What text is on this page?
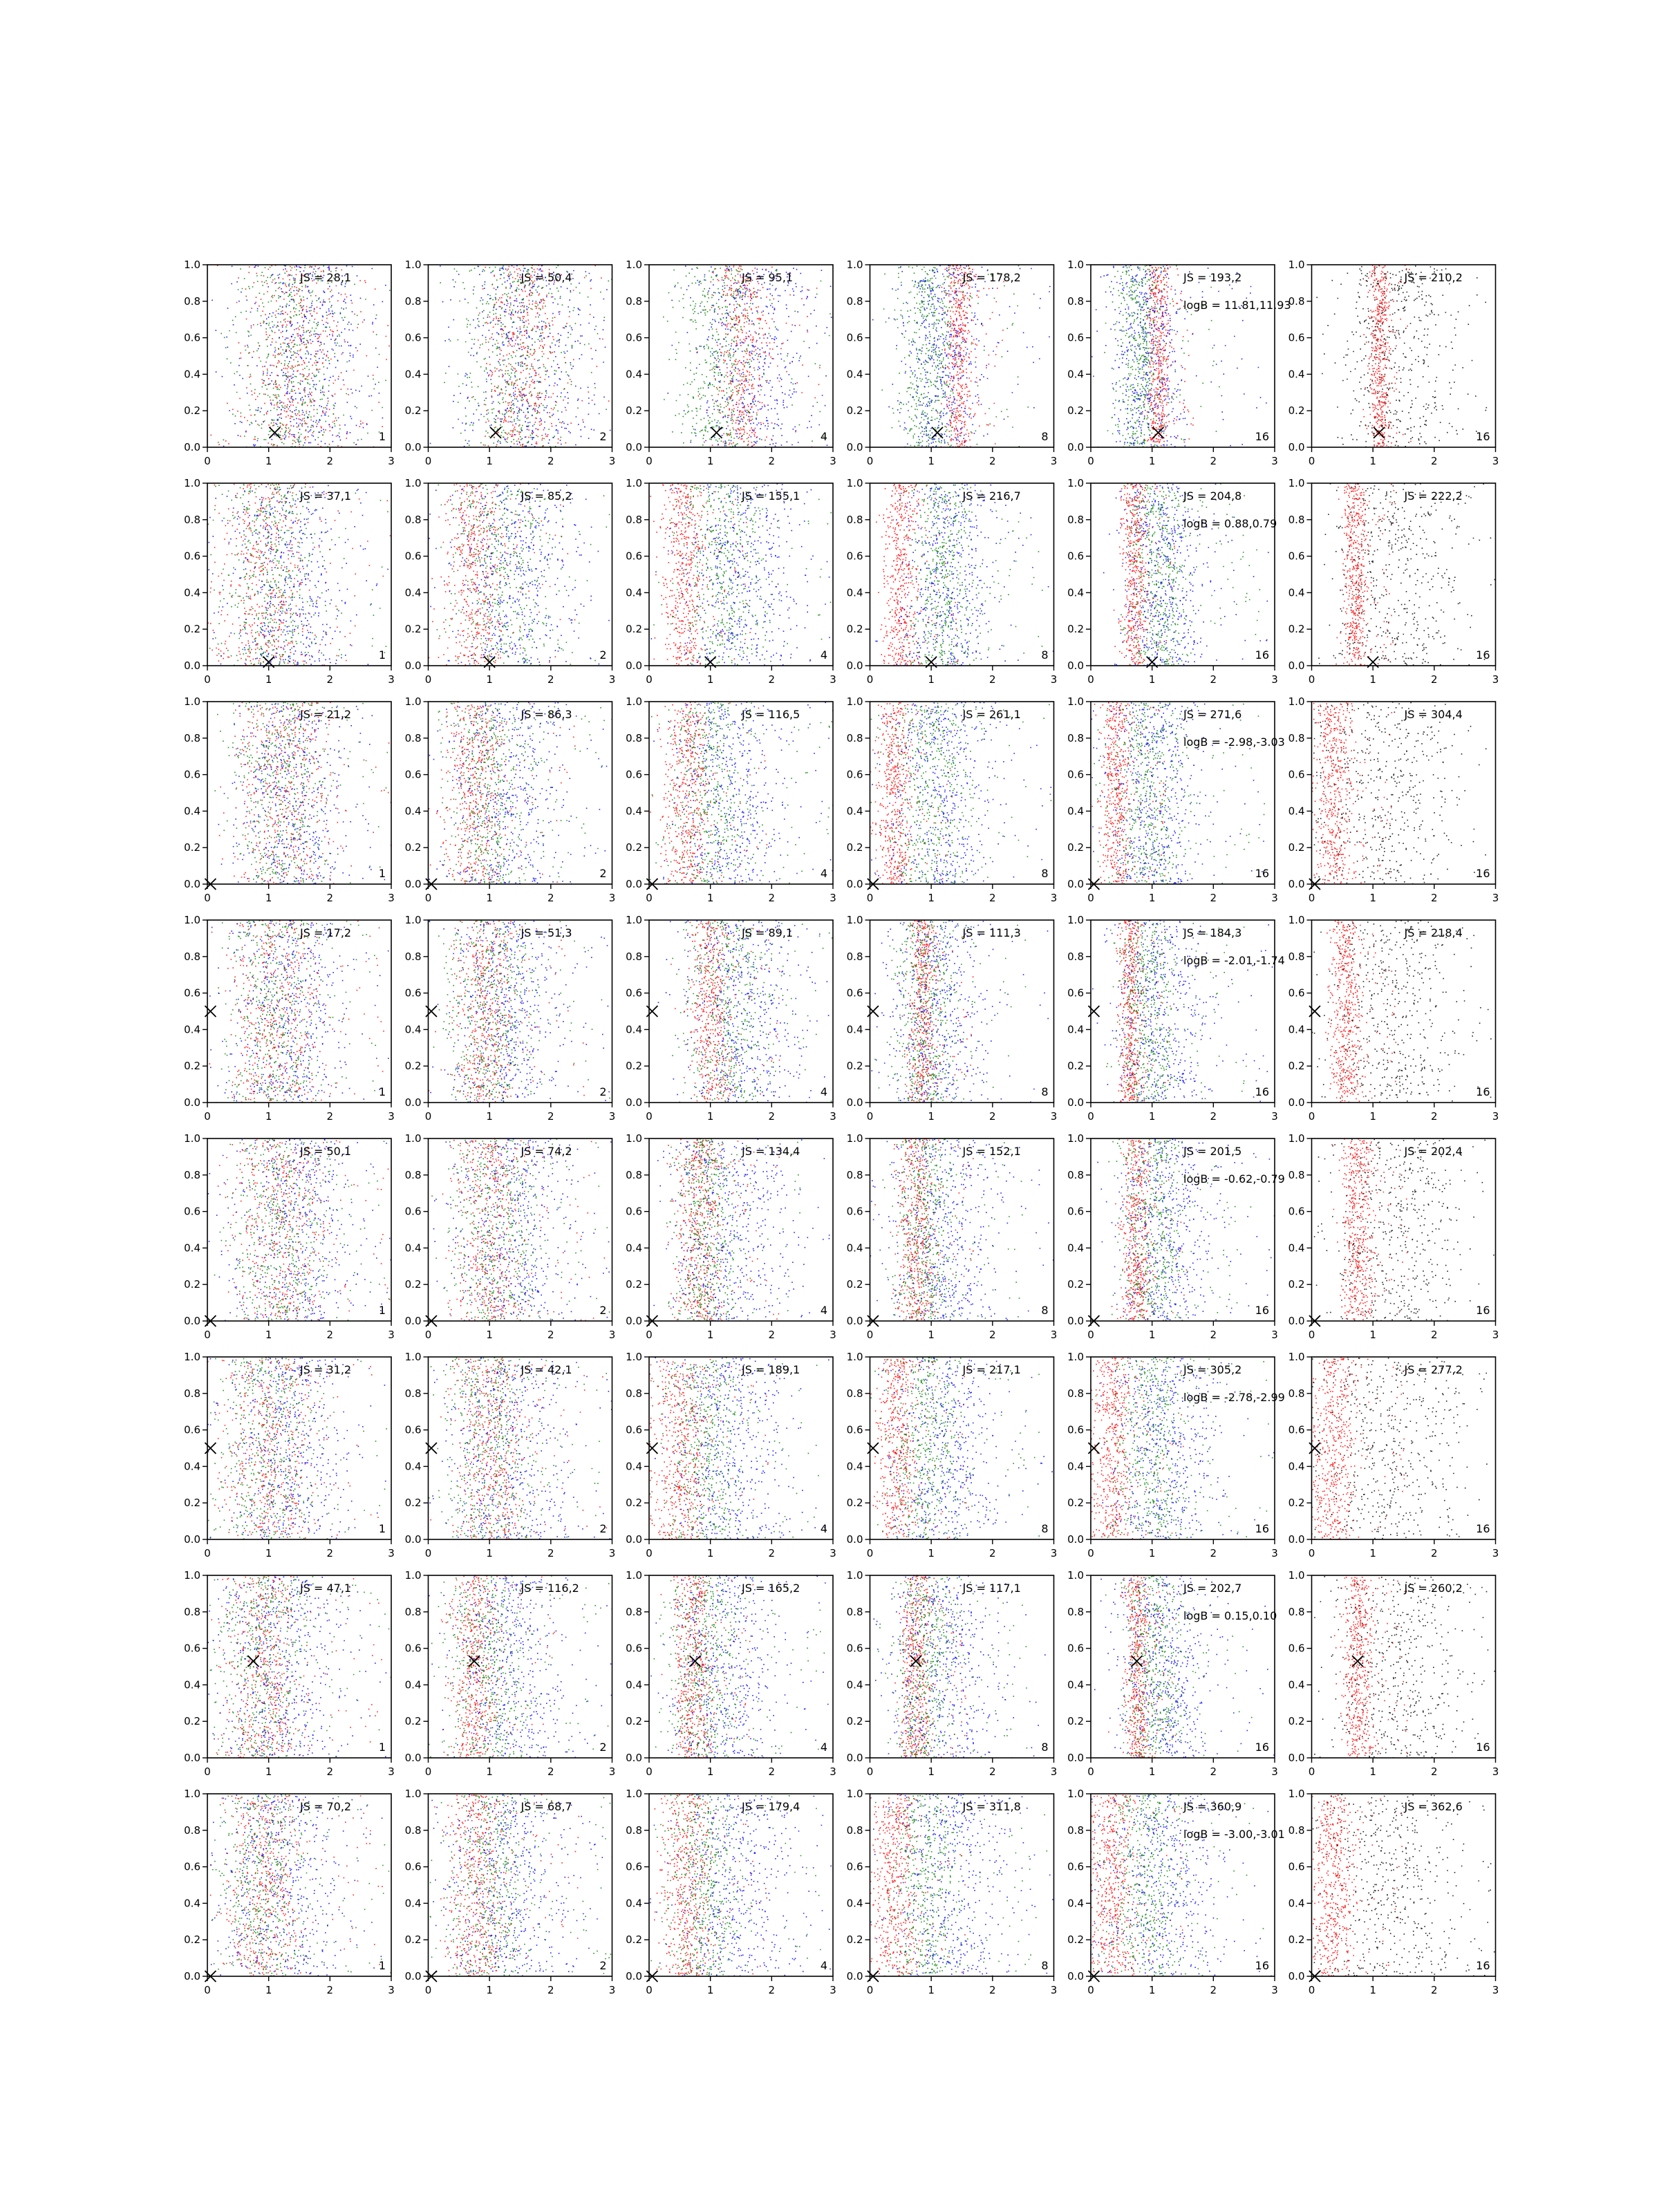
0	1	2	3
0.0
0.2
0.4
0.6
0.8
1.0
JS = 28,1
1
0	1	2	3
0.0
0.2
0.4
0.6
0.8
1.0
JS = 50,4
2
0	1	2	3
0.0
0.2
0.4
0.6
0.8
1.0
JS = 95,1
4
0	1	2	3
0.0
0.2
0.4
0.6
0.8
1.0
JS = 178,2
8
0	1	2	3
0.0
0.2
0.4
0.6
0.8
1.0
JS = 193,2
logB = 11.81,11.93
16
0	1	2	3
0.0
0.2
0.4
0.6
0.8
1.0
JS = 210,2
16
0	1	2	3
0.0
0.2
0.4
0.6
0.8
1.0
JS = 37,1
1
0	1	2	3
0.0
0.2
0.4
0.6
0.8
1.0
JS = 85,2
2
0	1	2	3
0.0
0.2
0.4
0.6
0.8
1.0
JS = 155,1
4
0	1	2	3
0.0
0.2
0.4
0.6
0.8
1.0
JS = 216,7
8
0	1	2	3
0.0
0.2
0.4
0.6
0.8
1.0
JS = 204,8
logB = 0.88,0.79
16
0	1	2	3
0.0
0.2
0.4
0.6
0.8
1.0
JS = 222,2
16
0	1	2	3
0.0
0.2
0.4
0.6
0.8
1.0
JS = 21,2
1
0	1	2	3
0.0
0.2
0.4
0.6
0.8
1.0
JS = 86,3
2
0	1	2	3
0.0
0.2
0.4
0.6
0.8
1.0
JS = 116,5
4
0	1	2	3
0.0
0.2
0.4
0.6
0.8
1.0
JS = 261,1
8
0	1	2	3
0.0
0.2
0.4
0.6
0.8
1.0
JS = 271,6
logB = -2.98,-3.03
16
0	1	2	3
0.0
0.2
0.4
0.6
0.8
1.0
JS = 304,4
16
0	1	2	3
0.0
0.2
0.4
0.6
0.8
1.0
JS = 17,2
1
0	1	2	3
0.0
0.2
0.4
0.6
0.8
1.0
JS = 51,3
2
0	1	2	3
0.0
0.2
0.4
0.6
0.8
1.0
JS = 89,1
4
0	1	2	3
0.0
0.2
0.4
0.6
0.8
1.0
JS = 111,3
8
0	1	2	3
0.0
0.2
0.4
0.6
0.8
1.0
JS = 184,3
logB = -2.01,-1.74
16
0	1	2	3
0.0
0.2
0.4
0.6
0.8
1.0
JS = 218,4
16
0	1	2	3
0.0
0.2
0.4
0.6
0.8
1.0
JS = 50,1
1
0	1	2	3
0.0
0.2
0.4
0.6
0.8
1.0
JS = 74,2
2
0	1	2	3
0.0
0.2
0.4
0.6
0.8
1.0
JS = 134,4
4
0	1	2	3
0.0
0.2
0.4
0.6
0.8
1.0
JS = 152,1
8
0	1	2	3
0.0
0.2
0.4
0.6
0.8
1.0
JS = 201,5
logB = -0.62,-0.79
16
0	1	2	3
0.0
0.2
0.4
0.6
0.8
1.0
JS = 202,4
16
0	1	2	3
0.0
0.2
0.4
0.6
0.8
1.0
JS = 31,2
1
0	1	2	3
0.0
0.2
0.4
0.6
0.8
1.0
JS = 42,1
2
0	1	2	3
0.0
0.2
0.4
0.6
0.8
1.0
JS = 189,1
4
0	1	2	3
0.0
0.2
0.4
0.6
0.8
1.0
JS = 217,1
8
0	1	2	3
0.0
0.2
0.4
0.6
0.8
1.0
JS = 305,2
logB = -2.78,-2.99
16
0	1	2	3
0.0
0.2
0.4
0.6
0.8
1.0
JS = 277,2
16
0	1	2	3
0.0
0.2
0.4
0.6
0.8
1.0
JS = 47,1
1
0	1	2	3
0.0
0.2
0.4
0.6
0.8
1.0
JS = 116,2
2
0	1	2	3
0.0
0.2
0.4
0.6
0.8
1.0
JS = 165,2
4
0	1	2	3
0.0
0.2
0.4
0.6
0.8
1.0
JS = 117,1
8
0	1	2	3
0.0
0.2
0.4
0.6
0.8
1.0
JS = 202,7
logB = 0.15,0.10
16
0	1	2	3
0.0
0.2
0.4
0.6
0.8
1.0
JS = 260,2
16
0	1	2	3
0.0
0.2
0.4
0.6
0.8
1.0
JS = 70,2
1
0	1	2	3
0.0
0.2
0.4
0.6
0.8
1.0
JS = 68,7
2
0	1	2	3
0.0
0.2
0.4
0.6
0.8
1.0
JS = 179,4
4
0	1	2	3
0.0
0.2
0.4
0.6
0.8
1.0
JS = 311,8
8
0	1	2	3
0.0
0.2
0.4
0.6
0.8
1.0
JS = 360,9
logB = -3.00,-3.01
16
0	1	2	3
0.0
0.2
0.4
0.6
0.8
1.0
JS = 362,6
16
